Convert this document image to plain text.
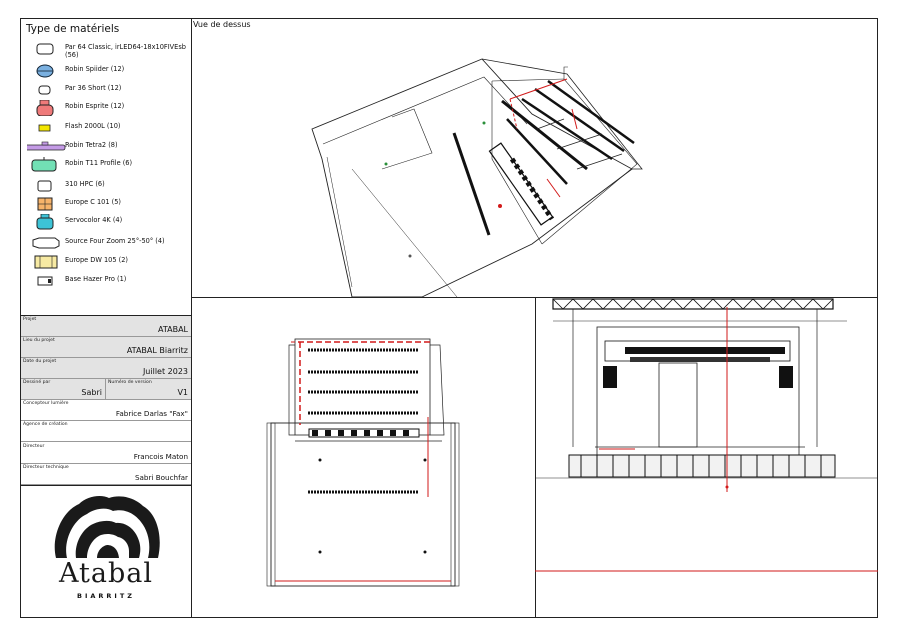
Type de matériels
Par 64 Classic, irLED64-18x10FIVEsb (56)
Robin Spiider (12)
Par 36 Short (12)
Robin Esprite (12)
Flash 2000L (10)
Robin Tetra2 (8)
Robin T11 Profile (6)
310 HPC (6)
Europe C 101 (5)
Servocolor 4K (4)
Source Four Zoom 25°-50° (4)
Europe DW 105 (2)
Base Hazer Pro (1)
Projet
ATABAL
Lieu du projet
ATABAL Biarritz
Date du projet
Juillet 2023
Dessiné par
Sabri
Numéro de version
V1
Concepteur lumière
Fabrice Darlas "Fax"
Agence de création
Directeur
Francois Maton
Directeur technique
Sabri Bouchfar
Atabal
BIARRITZ
Vue de dessus
